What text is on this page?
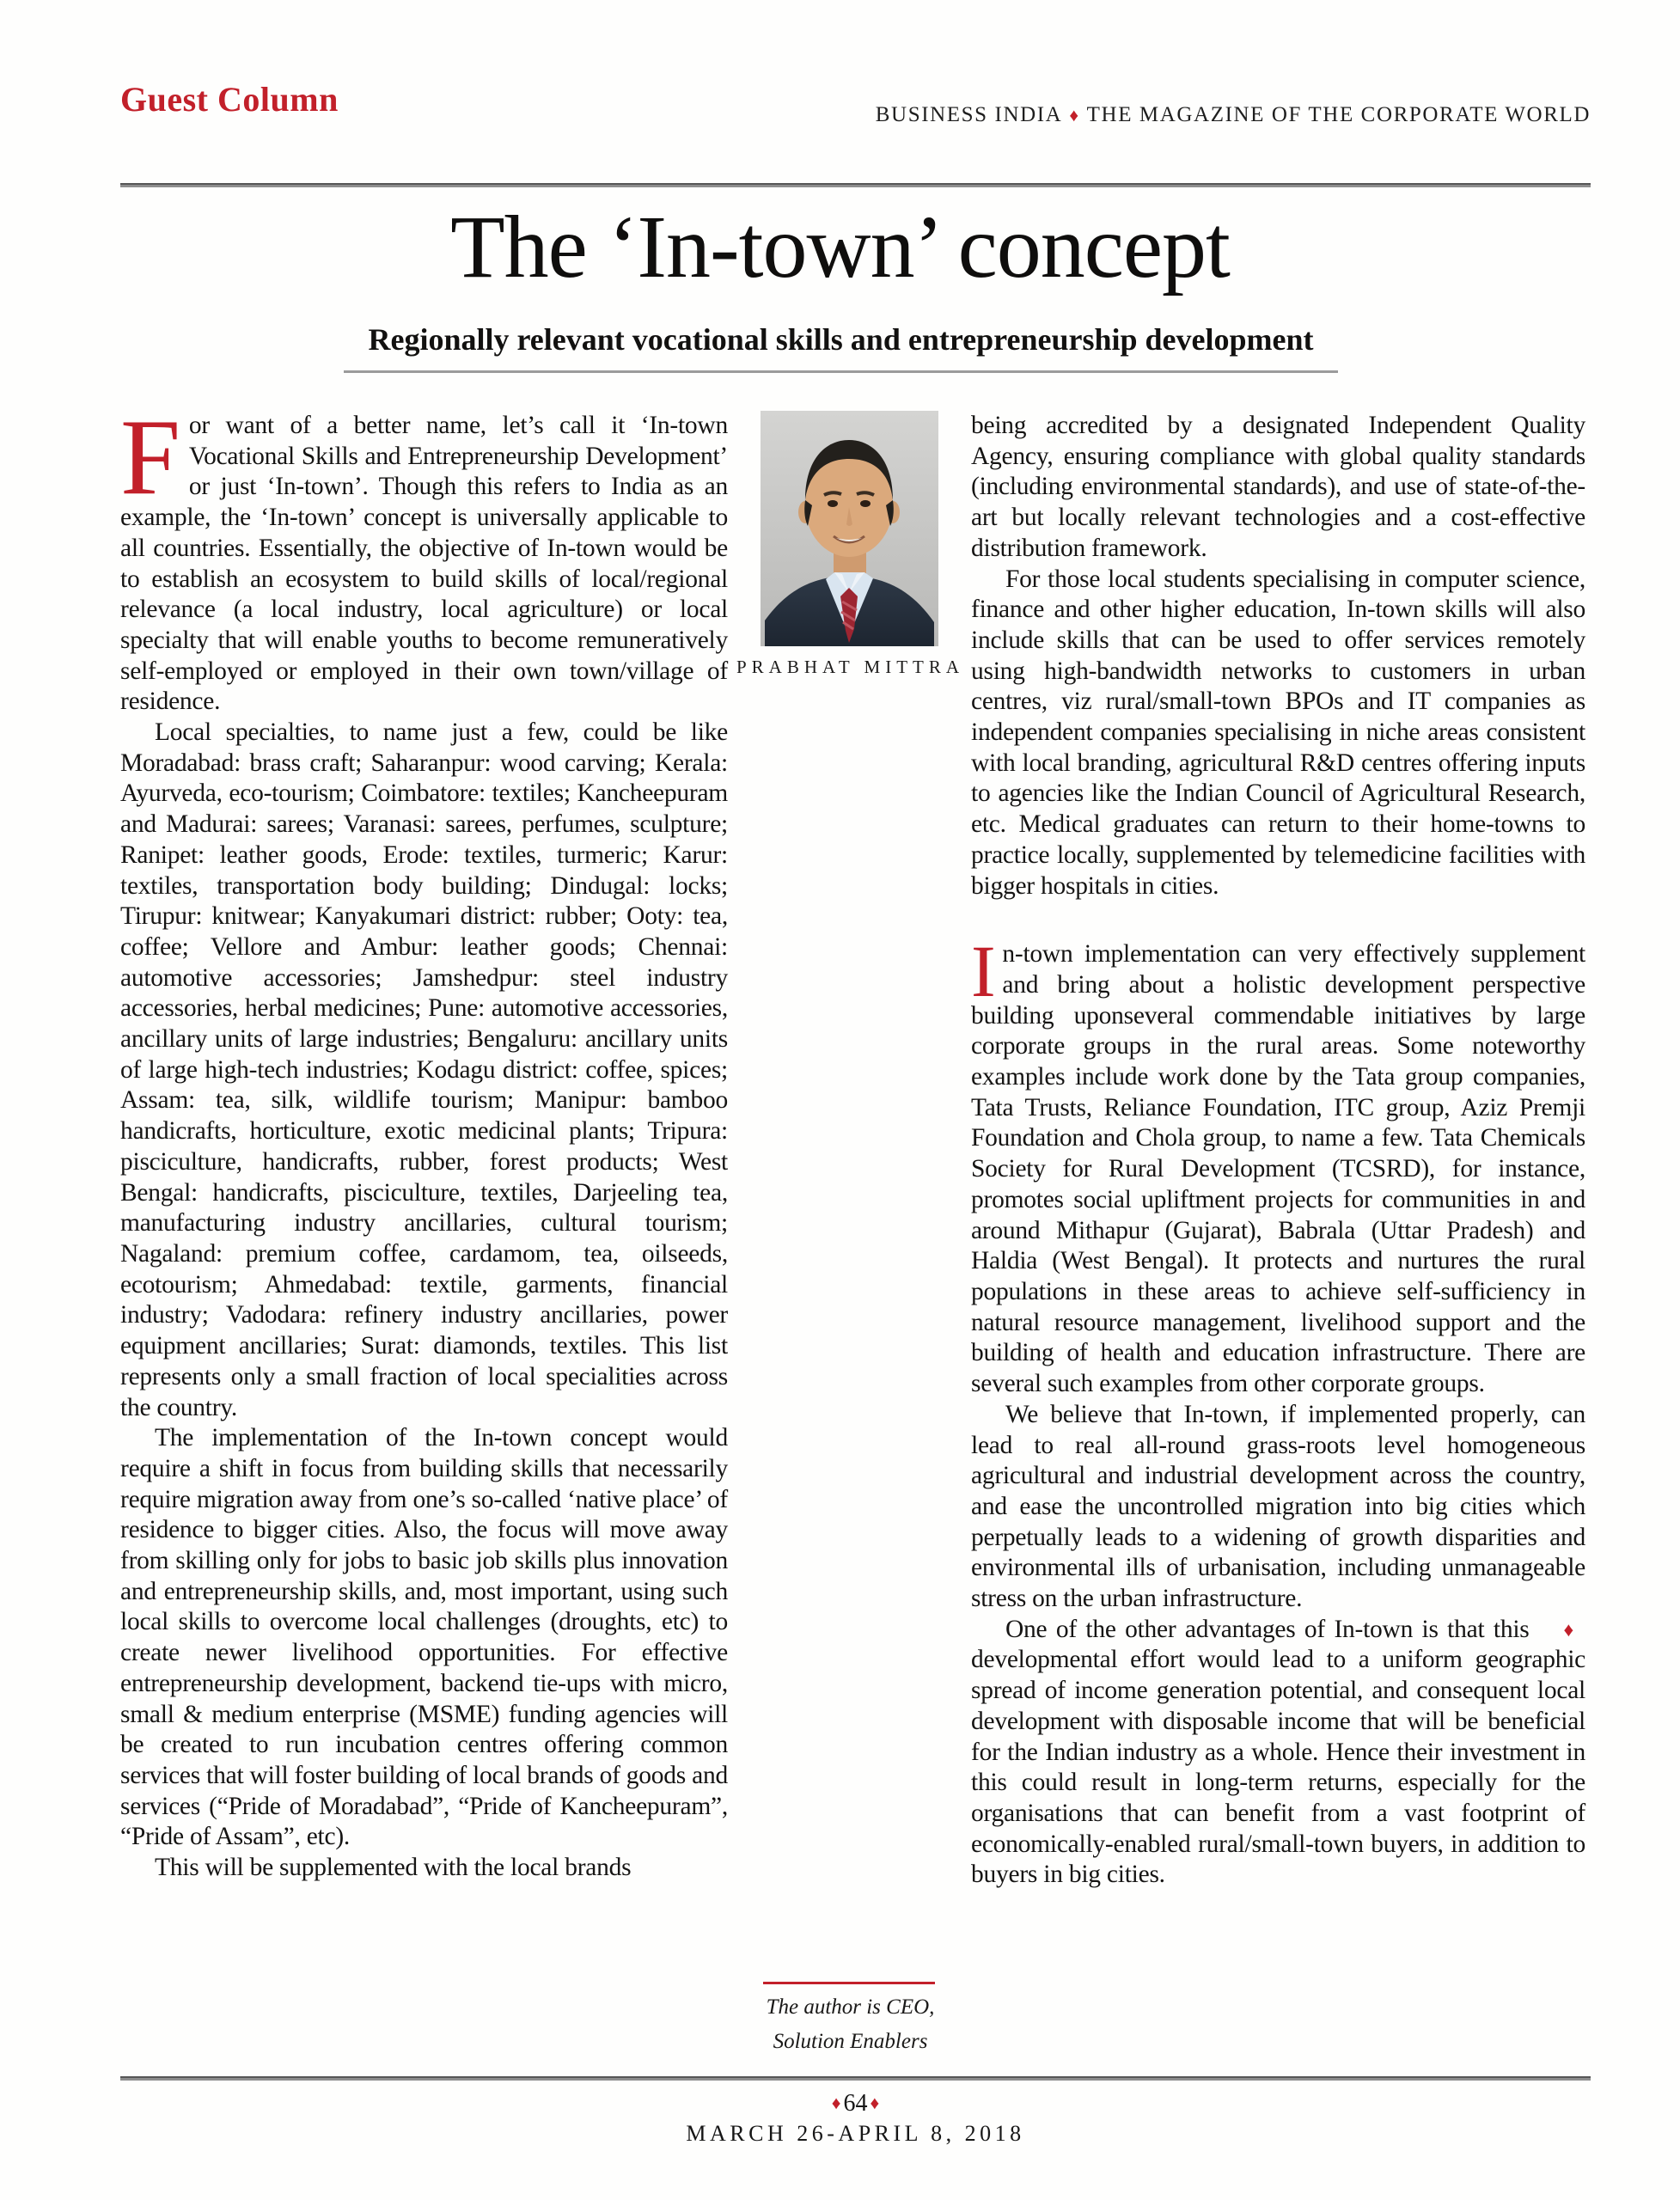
Guest Column	BUSINESS INDIA ♦ THE MAGAZINE OF THE CORPORATE WORLD
The ‘In-town’ concept
Regionally relevant vocational skills and entrepreneurship development

For want of a better name, let’s call it ‘In-town Vocational Skills and Entrepreneurship Development’ or just ‘In-town’. Though this refers to India as an example, the ‘In-town’ concept is universally applicable to all countries. Essentially, the objective of In-town would be to establish an ecosystem to build skills of local/regional relevance (a local industry, local agriculture) or local specialty that will enable youths to become remuneratively self-employed or employed in their own town/village of residence.

Local specialties, to name just a few, could be like Moradabad: brass craft; Saharanpur: wood carving; Kerala: Ayurveda, eco-tourism; Coimbatore: textiles; Kancheepuram and Madurai: sarees; Varanasi: sarees, perfumes, sculpture; Ranipet: leather goods, Erode: textiles, turmeric; Karur: textiles, transportation body building; Dindugal: locks; Tirupur: knitwear; Kanyakumari district: rubber; Ooty: tea, coffee; Vellore and Ambur: leather goods; Chennai: automotive accessories; Jamshedpur: steel industry accessories, herbal medicines; Pune: automotive accessories, ancillary units of large industries; Bengaluru: ancillary units of large high-tech industries; Kodagu district: coffee, spices; Assam: tea, silk, wildlife tourism; Manipur: bamboo handicrafts, horticulture, exotic medicinal plants; Tripura: pisciculture, handicrafts, rubber, forest products; West Bengal: handicrafts, pisciculture, textiles, Darjeeling tea, manufacturing industry ancillaries, cultural tourism; Nagaland: premium coffee, cardamom, tea, oilseeds, ecotourism; Ahmedabad: textile, garments, financial industry; Vadodara: refinery industry ancillaries, power equipment ancillaries; Surat: diamonds, textiles. This list represents only a small fraction of local specialities across the country.

The implementation of the In-town concept would require a shift in focus from building skills that necessarily require migration away from one’s so-called ‘native place’ of residence to bigger cities. Also, the focus will move away from skilling only for jobs to basic job skills plus innovation and entrepreneurship skills, and, most important, using such local skills to overcome local challenges (droughts, etc) to create newer livelihood opportunities. For effective entrepreneurship development, backend tie-ups with micro, small & medium enterprise (MSME) funding agencies will be created to run incubation centres offering common services that will foster building of local brands of goods and services (“Pride of Moradabad”, “Pride of Kancheepuram”, “Pride of Assam”, etc).

This will be supplemented with the local brands

being accredited by a designated Independent Quality Agency, ensuring compliance with global quality standards (including environmental standards), and use of state-of-the-art but locally relevant technologies and a cost-effective distribution framework.

For those local students specialising in computer science, finance and other higher education, In-town skills will also include skills that can be used to offer services remotely using high-bandwidth networks to customers in urban centres, viz rural/small-town BPOs and IT companies as independent companies specialising in niche areas consistent with local branding, agricultural R&D centres offering inputs to agencies like the Indian Council of Agricultural Research, etc. Medical graduates can return to their home-towns to practice locally, supplemented by telemedicine facilities with bigger hospitals in cities.

In-town implementation can very effectively supplement and bring about a holistic development perspective building uponseveral commendable initiatives by large corporate groups in the rural areas. Some noteworthy examples include work done by the Tata group companies, Tata Trusts, Reliance Foundation, ITC group, Aziz Premji Foundation and Chola group, to name a few. Tata Chemicals Society for Rural Development (TCSRD), for instance, promotes social upliftment projects for communities in and around Mithapur (Gujarat), Babrala (Uttar Pradesh) and Haldia (West Bengal). It protects and nurtures the rural populations in these areas to achieve self-sufficiency in natural resource management, livelihood support and the building of health and education infrastructure. There are several such examples from other corporate groups.

We believe that In-town, if implemented properly, can lead to real all-round grass-roots level homogeneous agricultural and industrial development across the country, and ease the uncontrolled migration into big cities which perpetually leads to a widening of growth disparities and environmental ills of urbanisation, including unmanageable stress on the urban infrastructure.

♦
One of the other advantages of In-town is that this developmental effort would lead to a uniform geographic spread of income generation potential, and consequent local development with disposable income that will be beneficial for the Indian industry as a whole. Hence their investment in this could result in long-term returns, especially for the organisations that can benefit from a vast footprint of economically-enabled rural/small-town buyers, in addition to buyers in big cities.

PRABHAT MITTRA
The author is CEO,
Solution Enablers
♦ 64 ♦
MARCH 26-APRIL 8, 2018
